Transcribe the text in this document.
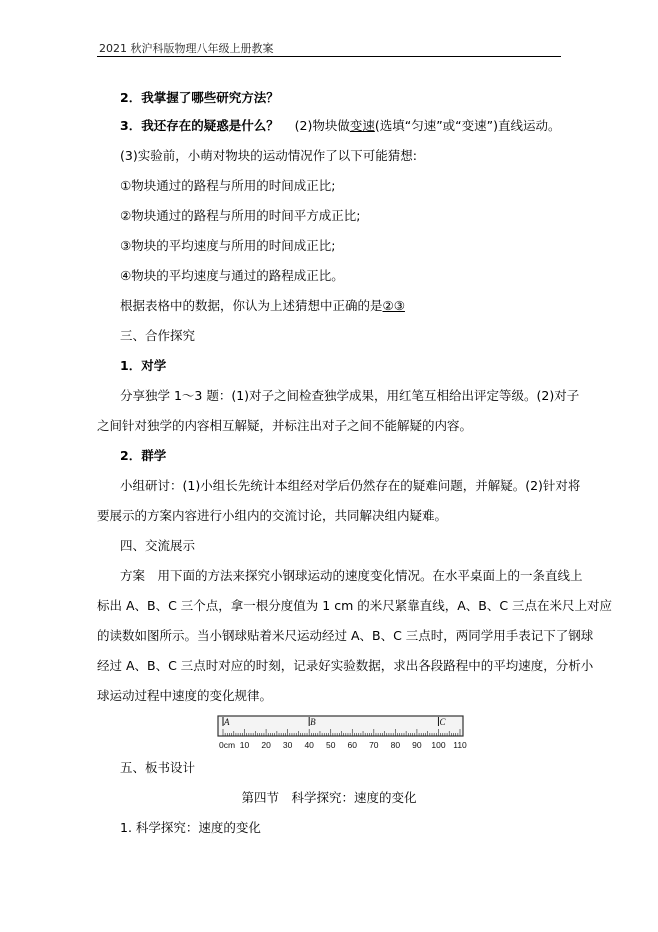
2021 秋沪科版物理八年级上册教案
2．我掌握了哪些研究方法？
3．我还存在的疑惑是什么？ (2)物块做变速(选填“匀速”或“变速”)直线运动。
(3)实验前，小萌对物块的运动情况作了以下可能猜想:
①物块通过的路程与所用的时间成正比;
②物块通过的路程与所用的时间平方成正比;
③物块的平均速度与所用的时间成正比;
④物块的平均速度与通过的路程成正比。
根据表格中的数据，你认为上述猜想中正确的是②③
三、合作探究
1．对学
分享独学 1～3 题：(1)对子之间检查独学成果，用红笔互相给出评定等级。(2)对子
之间针对独学的内容相互解疑，并标注出对子之间不能解疑的内容。
2．群学
小组研讨：(1)小组长先统计本组经对学后仍然存在的疑难问题，并解疑。(2)针对将
要展示的方案内容进行小组内的交流讨论，共同解决组内疑难。
四、交流展示
方案　用下面的方法来探究小钢球运动的速度变化情况。在水平桌面上的一条直线上
标出 A、B、C 三个点，拿一根分度值为 1 cm 的米尺紧靠直线，A、B、C 三点在米尺上对应
的读数如图所示。当小钢球贴着米尺运动经过 A、B、C 三点时，两同学用手表记下了钢球
经过 A、B、C 三点时对应的时刻，记录好实验数据，求出各段路程中的平均速度，分析小
球运动过程中速度的变化规律。
0cm 10 20 30 40 50 60 70 80 90 100 110
A	B	C
五、板书设计
第四节　科学探究：速度的变化
1. 科学探究：速度的变化
